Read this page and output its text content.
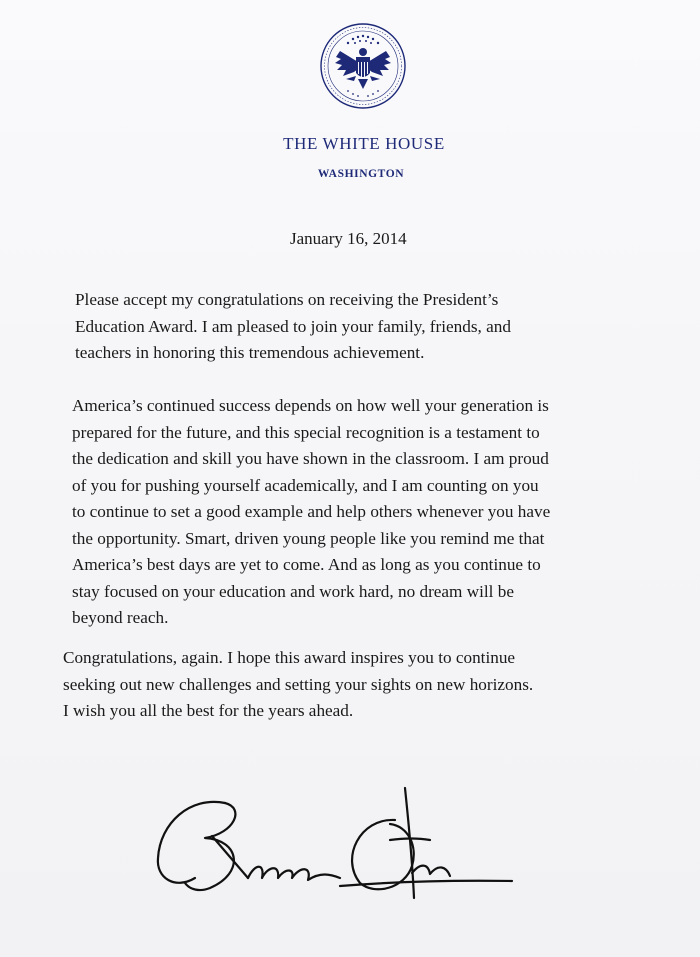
THE WHITE HOUSE
WASHINGTON
January 16, 2014

Please accept my congratulations on receiving the President’s
Education Award. I am pleased to join your family, friends, and
teachers in honoring this tremendous achievement.

America’s continued success depends on how well your generation is
prepared for the future, and this special recognition is a testament to
the dedication and skill you have shown in the classroom. I am proud
of you for pushing yourself academically, and I am counting on you
to continue to set a good example and help others whenever you have
the opportunity. Smart, driven young people like you remind me that
America’s best days are yet to come. And as long as you continue to
stay focused on your education and work hard, no dream will be
beyond reach.

Congratulations, again. I hope this award inspires you to continue
seeking out new challenges and setting your sights on new horizons.
I wish you all the best for the years ahead.
